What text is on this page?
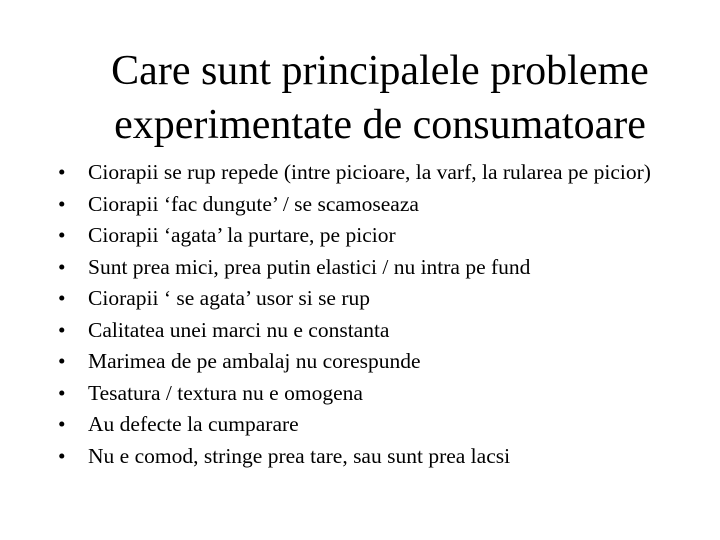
Care sunt principalele probleme
experimentate de consumatoare
• Ciorapii se rup repede (intre picioare, la varf, la rularea pe picior)
• Ciorapii ‘fac dungute’ / se scamoseaza
• Ciorapii ‘agata’ la purtare, pe picior
• Sunt prea mici, prea putin elastici / nu intra pe fund
• Ciorapii ‘ se agata’ usor si se rup
• Calitatea unei marci nu e constanta
• Marimea de pe ambalaj nu corespunde
• Tesatura / textura nu e omogena
• Au defecte la cumparare
• Nu e comod, stringe prea tare, sau sunt prea lacsi
